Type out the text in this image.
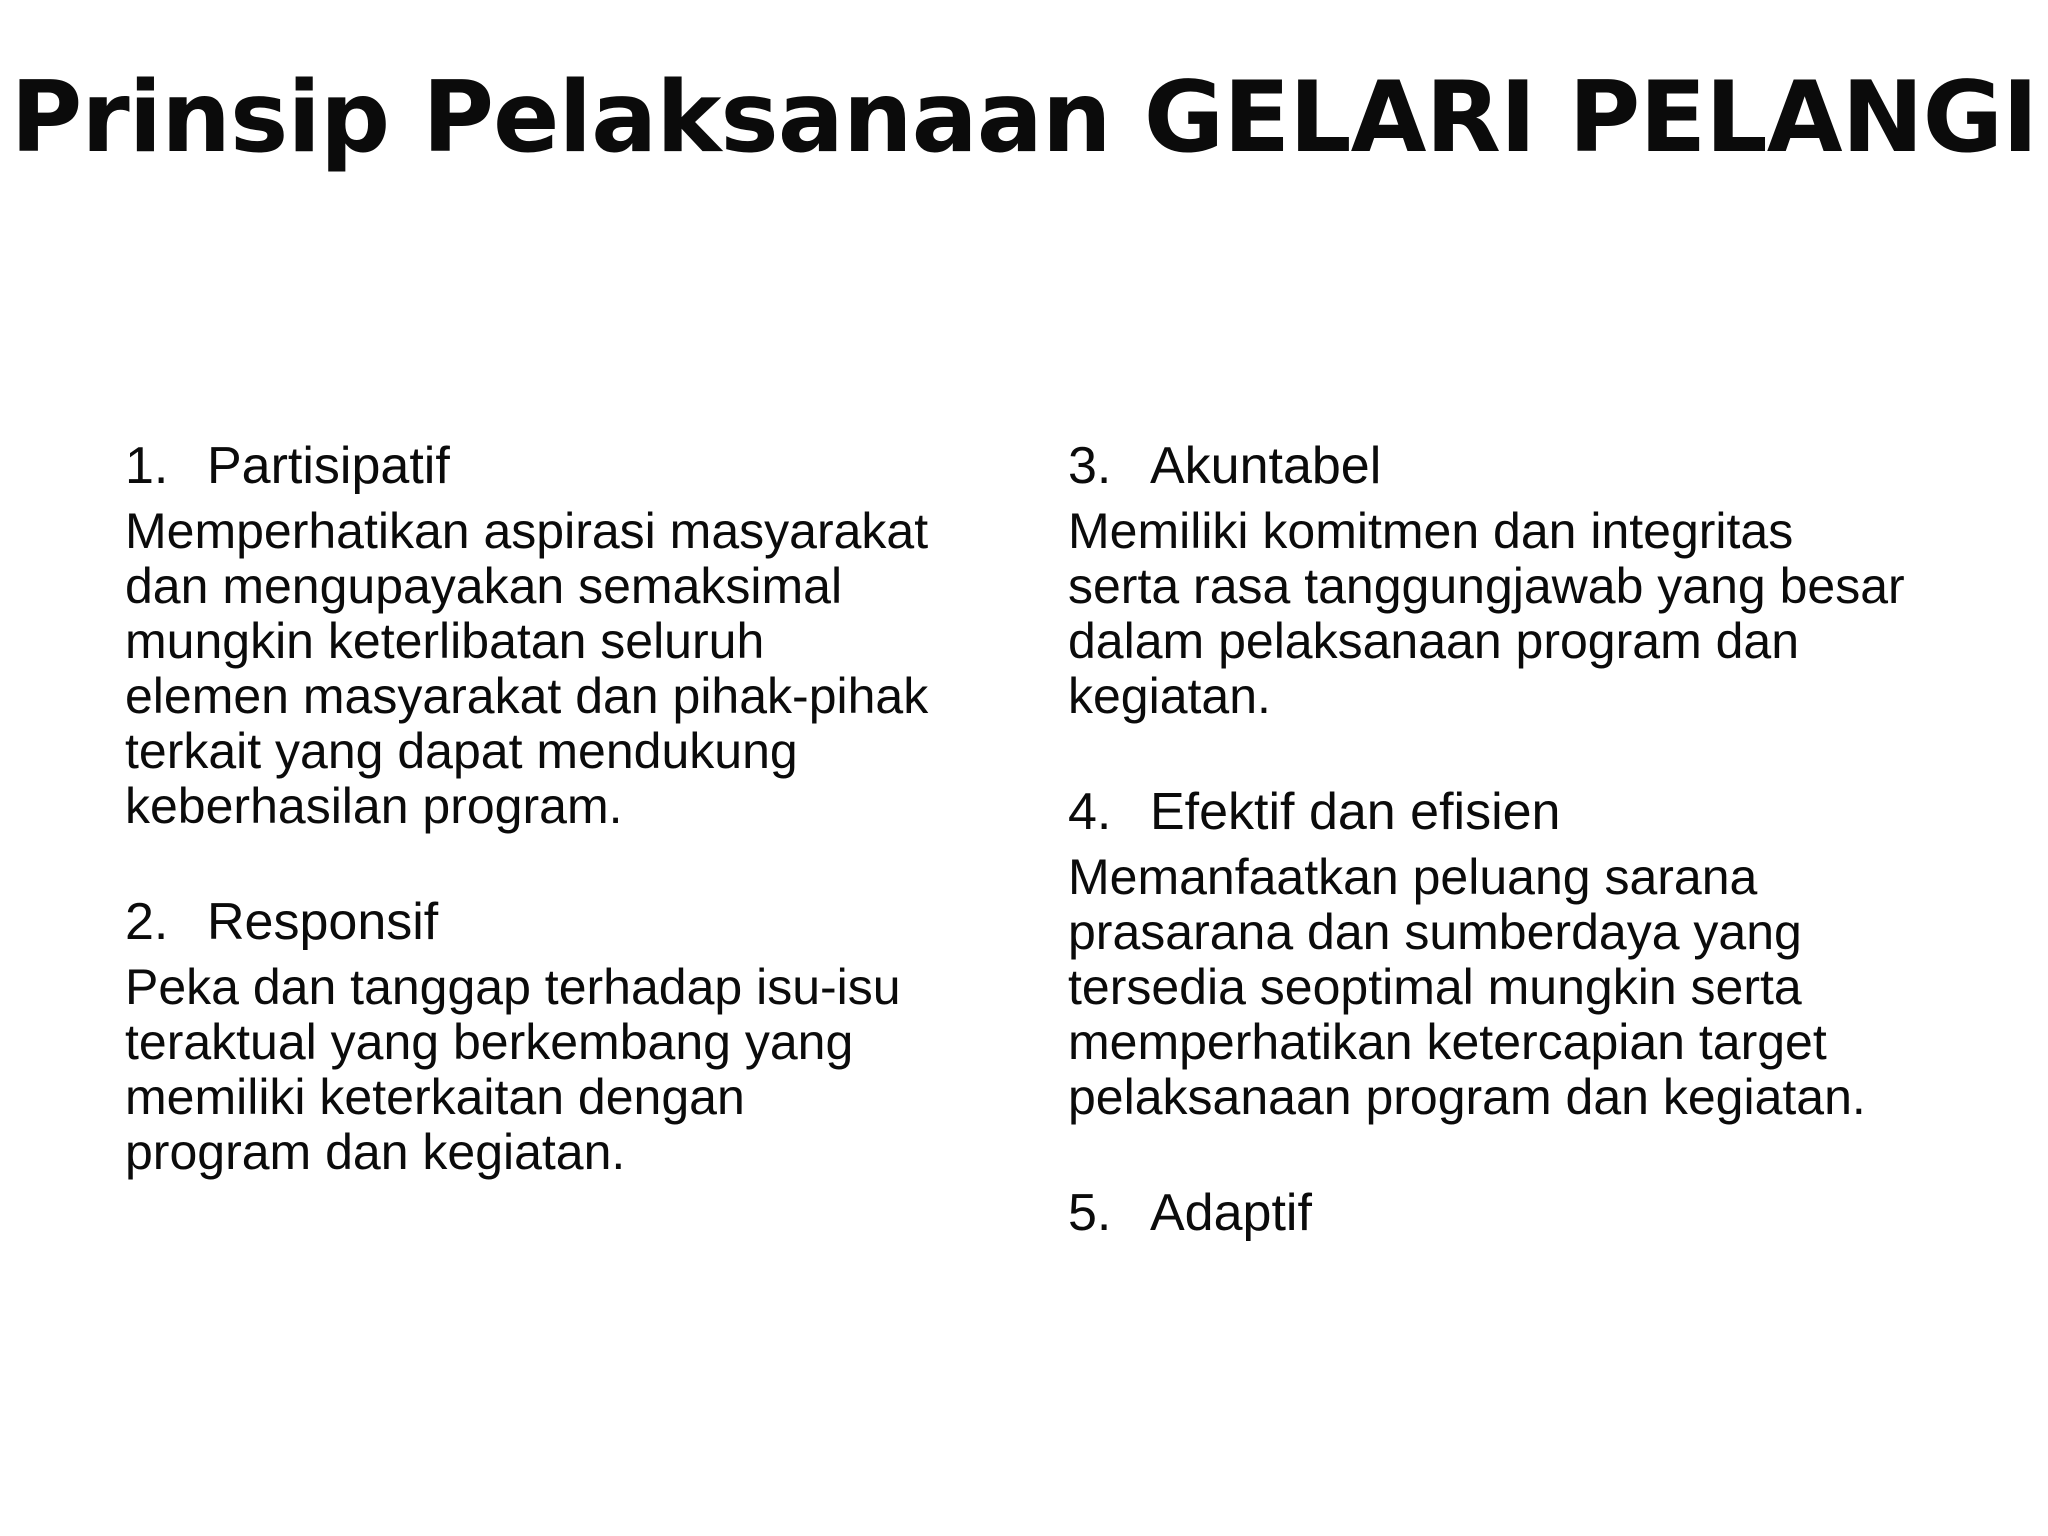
Prinsip Pelaksanaan GELARI PELANGI
1. Partisipatif

Memperhatikan aspirasi masyarakat
dan mengupayakan semaksimal
mungkin keterlibatan seluruh
elemen masyarakat dan pihak-pihak
terkait yang dapat mendukung
keberhasilan program.

2. Responsif

Peka dan tanggap terhadap isu-isu
teraktual yang berkembang yang
memiliki keterkaitan dengan
program dan kegiatan.

3. Akuntabel

Memiliki komitmen dan integritas
serta rasa tanggungjawab yang besar
dalam pelaksanaan program dan
kegiatan.

4. Efektif dan efisien

Memanfaatkan peluang sarana
prasarana dan sumberdaya yang
tersedia seoptimal mungkin serta
memperhatikan ketercapian target
pelaksanaan program dan kegiatan.

5. Adaptif
